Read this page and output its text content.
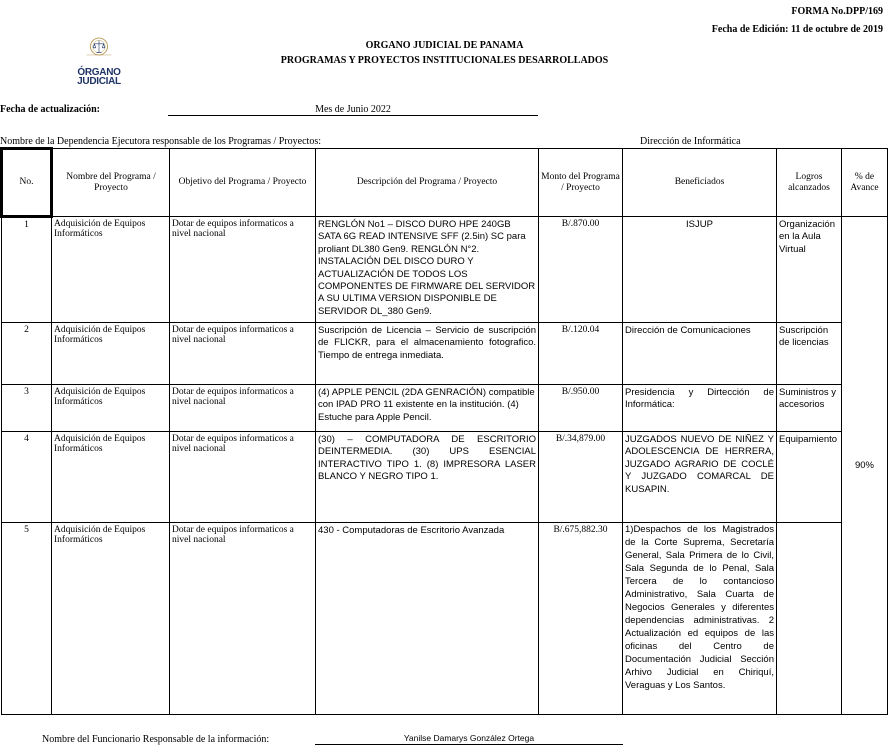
FORMA No.DPP/169
Fecha de Edición: 11 de octubre de 2019
ORGANO JUDICIAL DE PANAMA
PROGRAMAS Y PROYECTOS INSTITUCIONALES DESARROLLADOS
ÓRGANO
JUDICIAL
Fecha de actualización:	Mes de Junio 2022
Nombre de la Dependencia Ejecutora responsable de los Programas / Proyectos:	Dirección de Informática
No.	Nombre del Programa / Proyecto	Objetivo del Programa / Proyecto	Descripción del Programa / Proyecto	Monto del Programa / Proyecto	Beneficiados	Logros alcanzados	% de Avance
1	Adquisición de Equipos Informáticos	Dotar de equipos informaticos a nivel nacional	RENGLÓN No1 – DISCO DURO HPE 240GB SATA 6G READ INTENSIVE SFF (2.5in) SC para proliant DL380 Gen9. RENGLÓN N°2. INSTALACIÓN DEL DISCO DURO Y ACTUALIZACIÓN DE TODOS LOS COMPONENTES DE FIRMWARE DEL SERVIDOR A SU ULTIMA VERSION DISPONIBLE DE SERVIDOR DL_380 Gen9.	B/.870.00	ISJUP	Organización en la Aula Virtual	90%
2	Adquisición de Equipos Informáticos	Dotar de equipos informaticos a nivel nacional	Suscripción de Licencia – Servicio de suscripción de FLICKR, para el almacenamiento fotografico. Tiempo de entrega inmediata.	B/.120.04	Dirección de Comunicaciones	Suscripción de licencias	
3	Adquisición de Equipos Informáticos	Dotar de equipos informaticos a nivel nacional	(4) APPLE PENCIL (2DA GENRACIÓN) compatible con IPAD PRO 11 existente en la institución. (4) Estuche para Apple Pencil.	B/.950.00	Presidencia y Dirtección de Informática:	Suministros y accesorios	
4	Adquisición de Equipos Informáticos	Dotar de equipos informaticos a nivel nacional	(30) – COMPUTADORA DE ESCRITORIO DEINTERMEDIA. (30) UPS ESENCIAL INTERACTIVO TIPO 1. (8) IMPRESORA LASER BLANCO Y NEGRO TIPO 1.	B/.34,879.00	JUZGADOS NUEVO DE NIÑEZ Y ADOLESCENCIA DE HERRERA, JUZGADO AGRARIO DE COCLÉ Y JUZGADO COMARCAL DE KUSAPIN.	Equipamiento	
5	Adquisición de Equipos Informáticos	Dotar de equipos informaticos a nivel nacional	430 - Computadoras de Escritorio Avanzada	B/.675,882.30	1)Despachos de los Magistrados de la Corte Suprema, Secretaría General, Sala Primera de lo Civil, Sala Segunda de lo Penal, Sala Tercera de lo contancioso Administrativo, Sala Cuarta de Negocios Generales y diferentes dependencias administrativas. 2 Actualización ed equipos de las oficinas del Centro de Documentación Judicial Sección Arhivo Judicial en Chiriquí, Veraguas y Los Santos.		

Nombre del Funcionario Responsable de la información:	Yanilse Damarys González Ortega
